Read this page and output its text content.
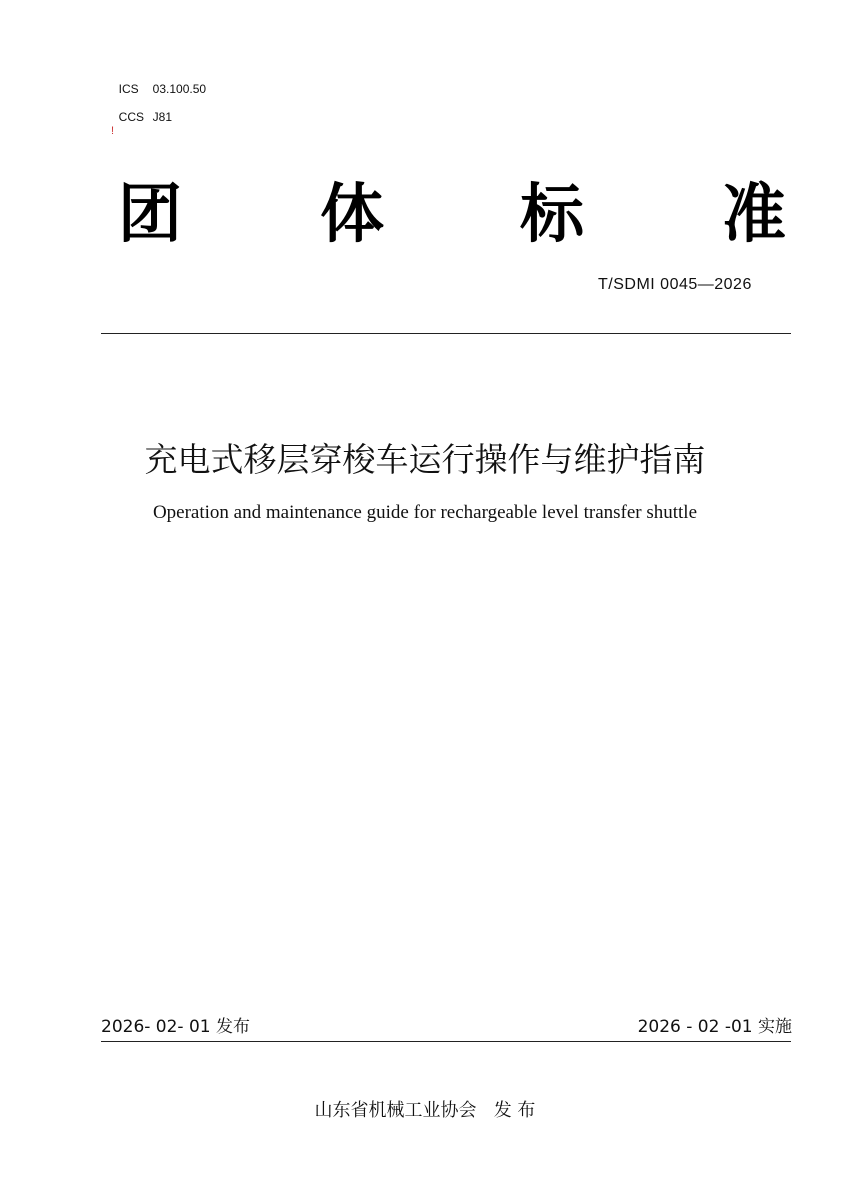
ICS 03.100.50

CCS J81

!
团 体 标 准
T/SDMI 0045—2026
充电式移层穿梭车运行操作与维护指南
Operation and maintenance guide for rechargeable level transfer shuttle
2026- 02- 01 发布	2026 - 02 -01 实施
山东省机械工业协会   发 布
